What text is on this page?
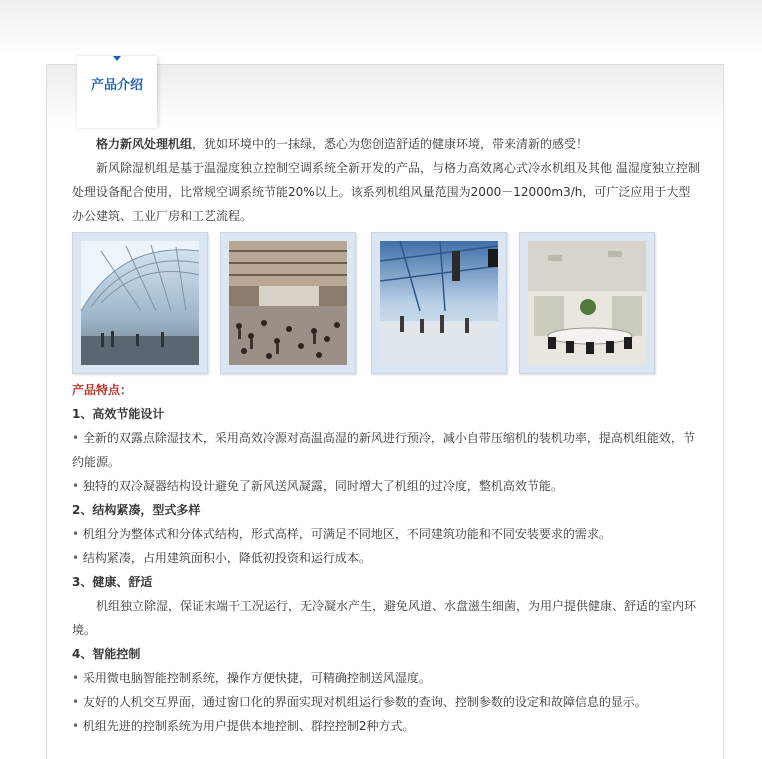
产品介绍

格力新风处理机组，犹如环境中的一抹绿，悉心为您创造舒适的健康环境，带来清新的感受！

新风除湿机组是基于温湿度独立控制空调系统全新开发的产品，与格力高效离心式冷水机组及其他 温湿度独立控制处理设备配合使用，比常规空调系统节能20%以上。该系列机组风量范围为2000－12000m3/h，可广泛应用于大型办公建筑、工业厂房和工艺流程。

产品特点：

1、高效节能设计

• 全新的双露点除湿技术，采用高效冷源对高温高湿的新风进行预冷，减小自带压缩机的装机功率，提高机组能效，节约能源。

• 独特的双冷凝器结构设计避免了新风送风凝露，同时增大了机组的过冷度，整机高效节能。

2、结构紧凑，型式多样

• 机组分为整体式和分体式结构，形式高样，可满足不同地区，不同建筑功能和不同安装要求的需求。

• 结构紧凑，占用建筑面积小，降低初投资和运行成本。

3、健康、舒适

机组独立除湿，保证末端干工况运行，无冷凝水产生，避免风道、水盘滋生细菌，为用户提供健康、舒适的室内环境。

4、智能控制

• 采用微电脑智能控制系统，操作方便快捷，可精确控制送风湿度。

• 友好的人机交互界面，通过窗口化的界面实现对机组运行参数的查询、控制参数的设定和故障信息的显示。

• 机组先进的控制系统为用户提供本地控制、群控控制2种方式。
